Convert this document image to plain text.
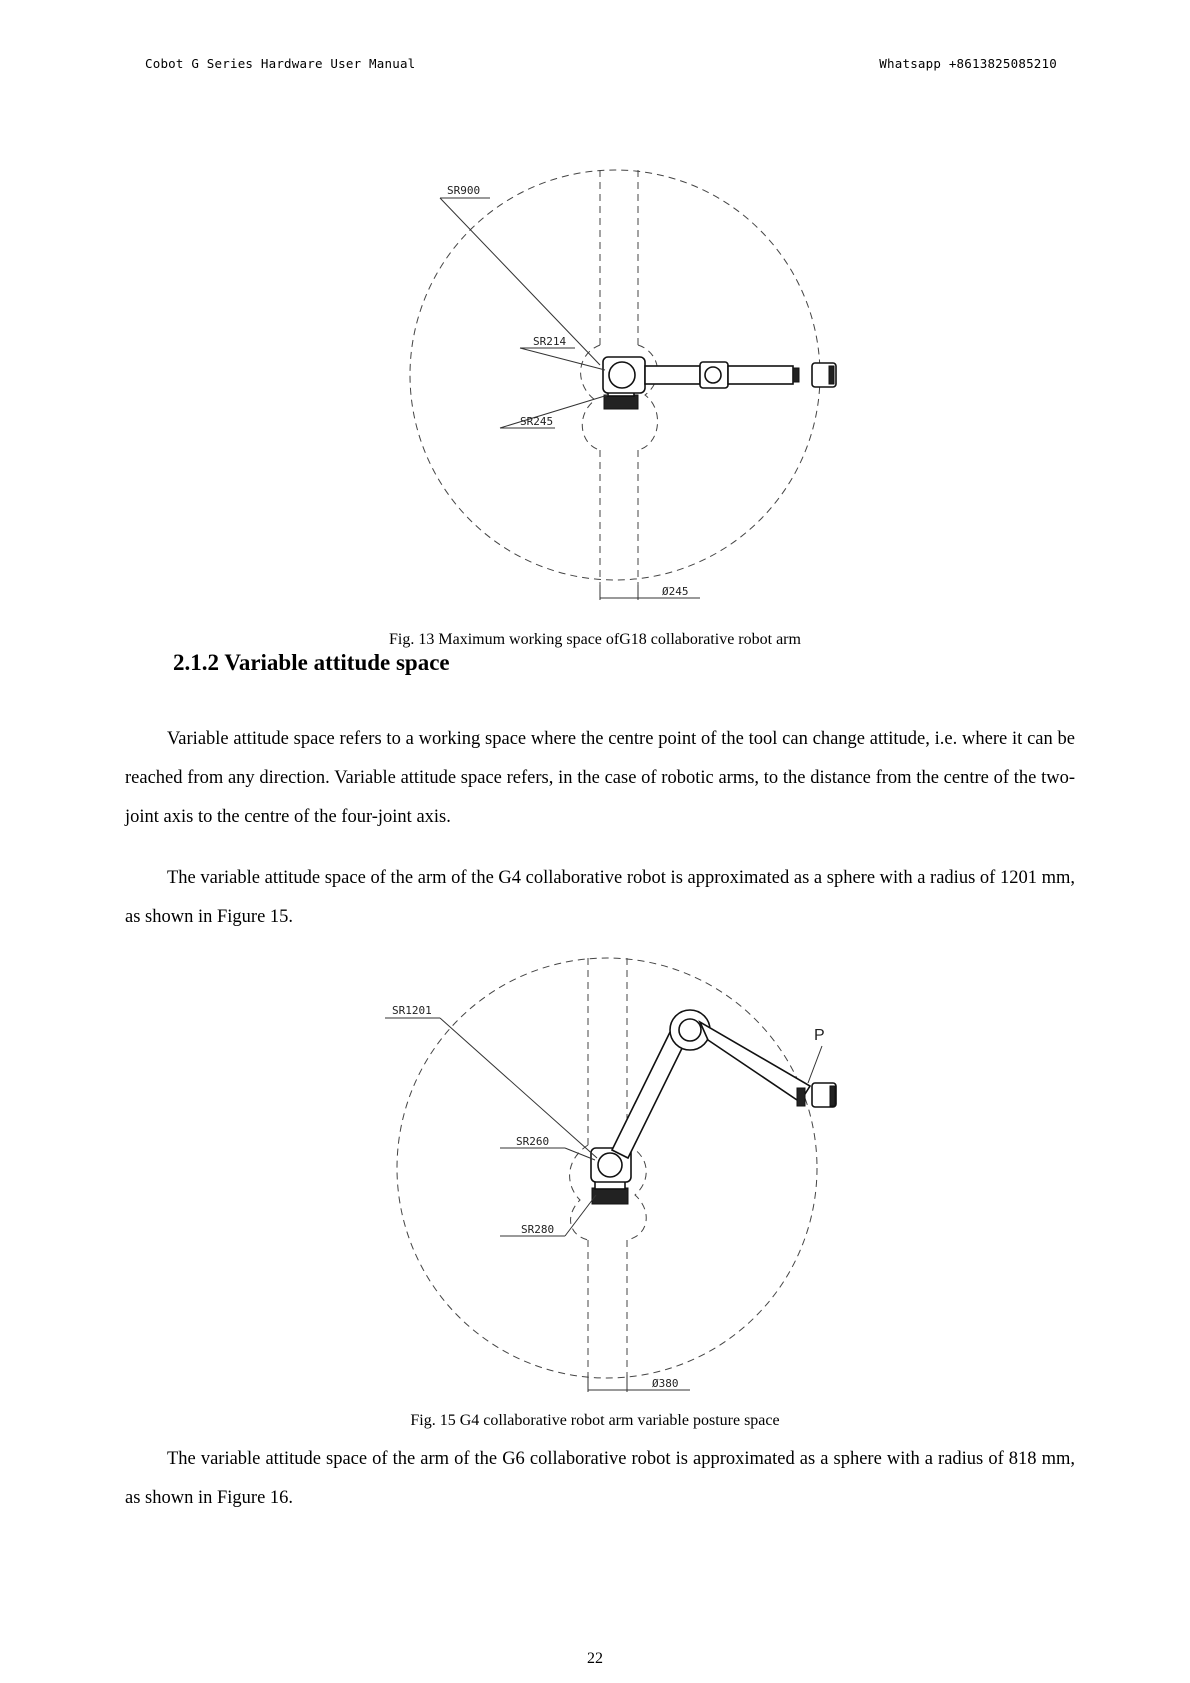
Cobot G Series Hardware User Manual	Whatsapp +8613825085210
SR900
SR214
SR245
Ø245
Fig. 13 Maximum working space ofG18 collaborative robot arm
2.1.2 Variable attitude space

Variable attitude space refers to a working space where the centre point of the tool can change attitude, i.e. where it can be reached from any direction. Variable attitude space refers, in the case of robotic arms, to the distance from the centre of the two-joint axis to the centre of the four-joint axis.

The variable attitude space of the arm of the G4 collaborative robot is approximated as a sphere with a radius of 1201 mm, as shown in Figure 15.

SR1201
SR260
SR280
Ø380
P
Fig. 15 G4 collaborative robot arm variable posture space

The variable attitude space of the arm of the G6 collaborative robot is approximated as a sphere with a radius of 818 mm, as shown in Figure 16.

22
